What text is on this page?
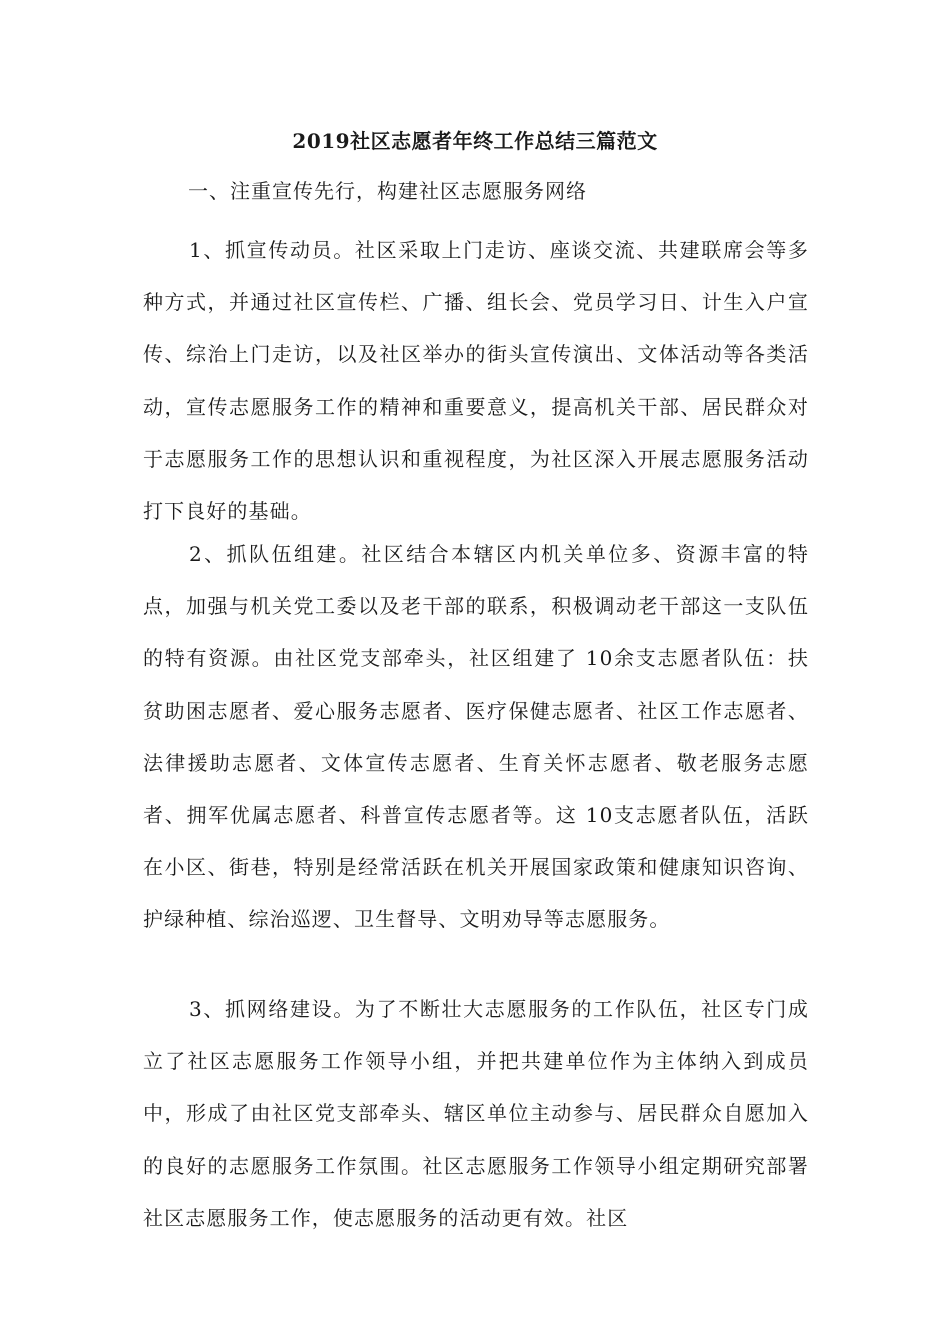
2019社区志愿者年终工作总结三篇范文
一、注重宣传先行，构建社区志愿服务网络

1、抓宣传动员。社区采取上门走访、座谈交流、共建联席会等多种方式，并通过社区宣传栏、广播、组长会、党员学习日、计生入户宣传、综治上门走访，以及社区举办的街头宣传演出、文体活动等各类活动，宣传志愿服务工作的精神和重要意义，提高机关干部、居民群众对于志愿服务工作的思想认识和重视程度，为社区深入开展志愿服务活动打下良好的基础。

2、抓队伍组建。社区结合本辖区内机关单位多、资源丰富的特点，加强与机关党工委以及老干部的联系，积极调动老干部这一支队伍的特有资源。由社区党支部牵头，社区组建了 10余支志愿者队伍：扶贫助困志愿者、爱心服务志愿者、医疗保健志愿者、社区工作志愿者、法律援助志愿者、文体宣传志愿者、生育关怀志愿者、敬老服务志愿者、拥军优属志愿者、科普宣传志愿者等。这 10支志愿者队伍，活跃在小区、街巷，特别是经常活跃在机关开展国家政策和健康知识咨询、护绿种植、综治巡逻、卫生督导、文明劝导等志愿服务。

3、抓网络建设。为了不断壮大志愿服务的工作队伍，社区专门成立了社区志愿服务工作领导小组，并把共建单位作为主体纳入到成员中，形成了由社区党支部牵头、辖区单位主动参与、居民群众自愿加入的良好的志愿服务工作氛围。社区志愿服务工作领导小组定期研究部署社区志愿服务工作，使志愿服务的活动更有效。社区
